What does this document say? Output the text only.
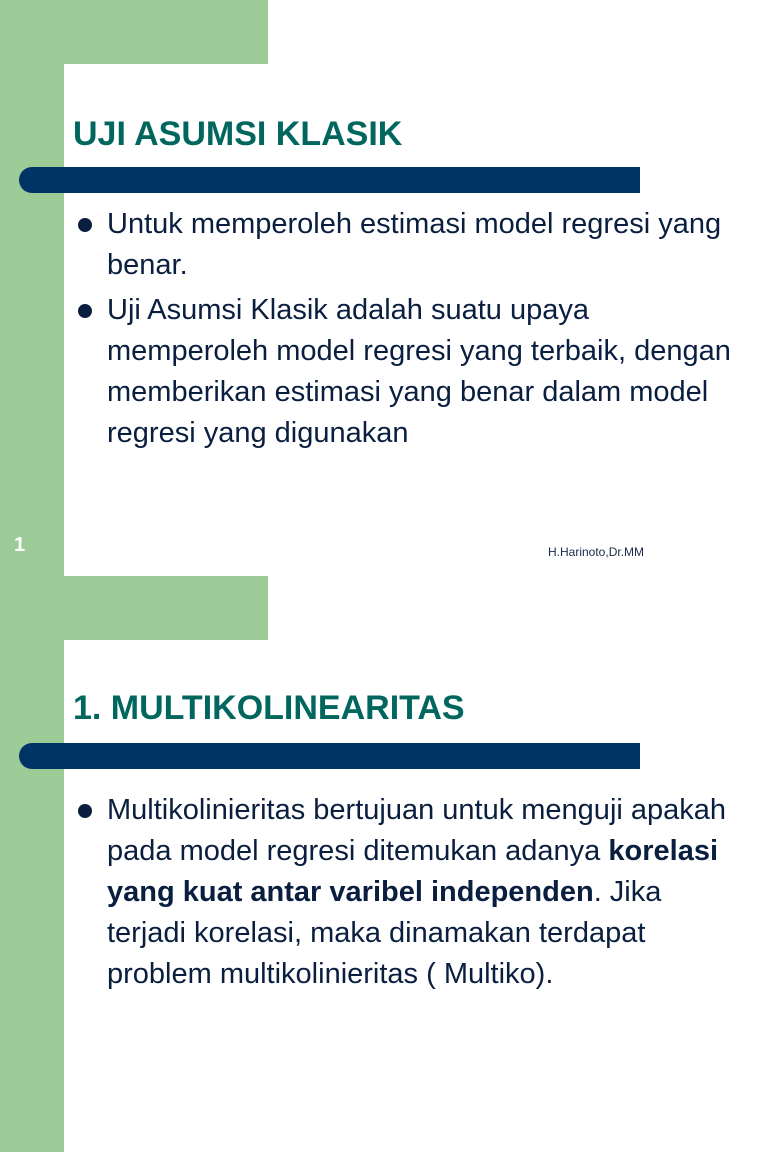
UJI ASUMSI KLASIK
Untuk memperoleh estimasi model regresi yang benar.
Uji Asumsi Klasik adalah suatu upaya memperoleh model regresi yang terbaik, dengan memberikan estimasi yang benar dalam model regresi yang digunakan
1	H.Harinoto,Dr.MM
1. MULTIKOLINEARITAS
Multikolinieritas bertujuan untuk menguji apakah pada model regresi ditemukan adanya korelasi yang kuat antar varibel independen. Jika terjadi korelasi, maka dinamakan terdapat problem multikolinieritas ( Multiko).
